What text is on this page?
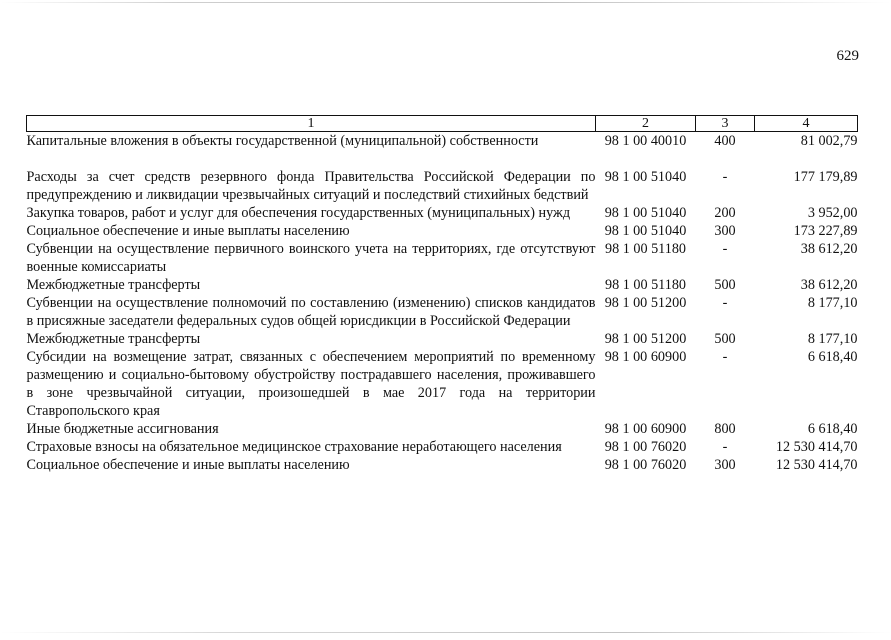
629
1	2	3	4
Капитальные вложения в объекты государственной (муниципальной) собственности	98 1 00 40010	400	81 002,79
Расходы за счет средств резервного фонда Правительства Российской Федерации по предупреждению и ликвидации чрезвычайных ситуаций и последствий стихийных бедствий	98 1 00 51040	-	177 179,89
Закупка товаров, работ и услуг для обеспечения государственных (муниципальных) нужд	98 1 00 51040	200	3 952,00
Социальное обеспечение и иные выплаты населению	98 1 00 51040	300	173 227,89
Субвенции на осуществление первичного воинского учета на территориях, где отсутствуют военные комиссариаты	98 1 00 51180	-	38 612,20
Межбюджетные трансферты	98 1 00 51180	500	38 612,20
Субвенции на осуществление полномочий по составлению (изменению) списков кандидатов в присяжные заседатели федеральных судов общей юрисдикции в Российской Федерации	98 1 00 51200	-	8 177,10
Межбюджетные трансферты	98 1 00 51200	500	8 177,10
Субсидии на возмещение затрат, связанных с обеспечением мероприятий по временному размещению и социально-бытовому обустройству пострадавшего населения, проживавшего в зоне чрезвычайной ситуации, произошедшей в мае 2017 года на территории Ставропольского края	98 1 00 60900	-	6 618,40
Иные бюджетные ассигнования	98 1 00 60900	800	6 618,40
Страховые взносы на обязательное медицинское страхование неработающего населения	98 1 00 76020	-	12 530 414,70
Социальное обеспечение и иные выплаты населению	98 1 00 76020	300	12 530 414,70
